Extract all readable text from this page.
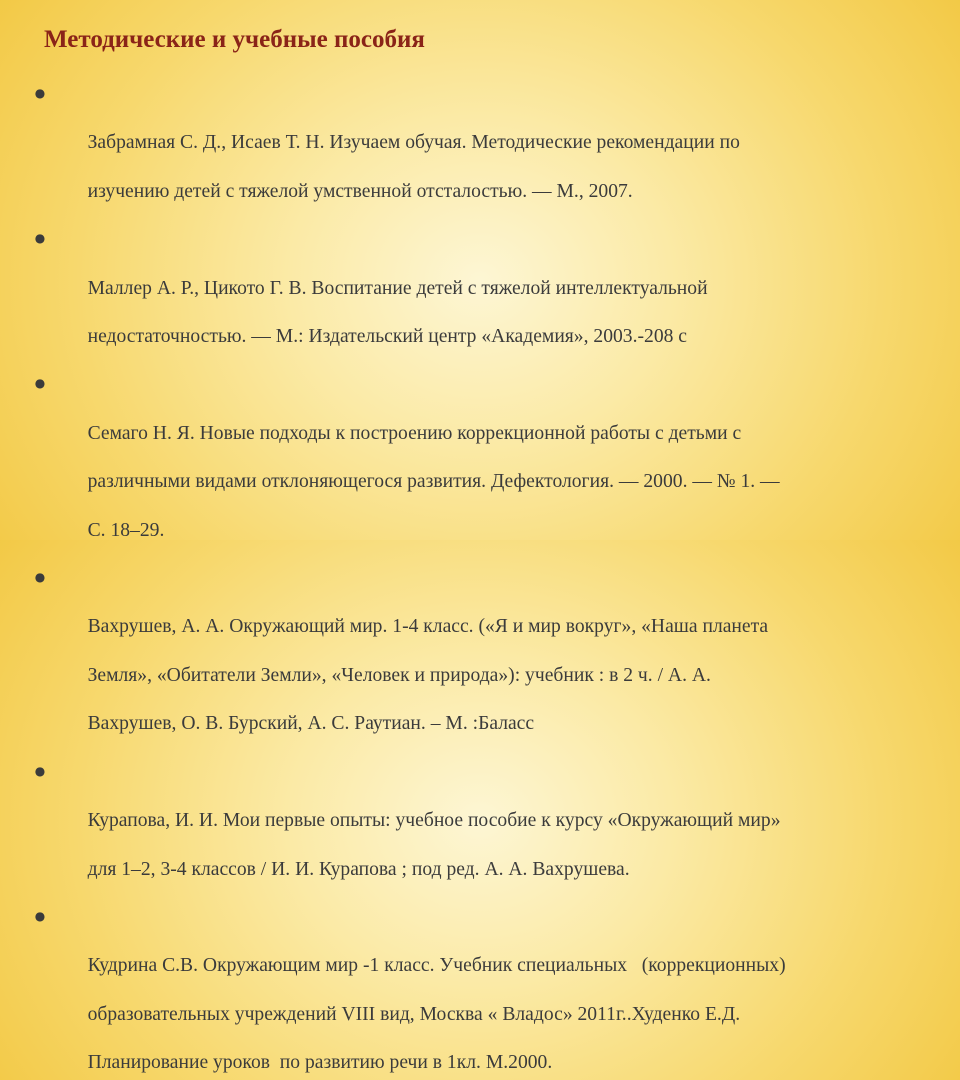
Методические и учебные пособия

●

Забрамная С. Д., Исаев Т. Н. Изучаем обучая. Методические рекомендации по

изучению детей с тяжелой умственной отсталостью. — М., 2007.

●

Маллер А. Р., Цикото Г. В. Воспитание детей с тяжелой интеллектуальной

недостаточностью. — М.: Издательский центр «Академия», 2003.-208 с

●

Семаго Н. Я. Новые подходы к построению коррекционной работы с детьми с

различными видами отклоняющегося развития. Дефектология. — 2000. — № 1. —

С. 18–29.

●

Вахрушев, А. А. Окружающий мир. 1-4 класс. («Я и мир вокруг», «Наша планета

Земля», «Обитатели Земли», «Человек и природа»): учебник : в 2 ч. / А. А.

Вахрушев, О. В. Бурский, А. С. Раутиан. – М. :Баласс

●

Курапова, И. И. Мои первые опыты: учебное пособие к курсу «Окружающий мир»

для 1–2, 3-4 классов / И. И. Курапова ; под ред. А. А. Вахрушева.

●

Кудрина С.В. Окружающим мир -1 класс. Учебник специальных   (коррекционных)

образовательных учреждений VIII вид, Москва « Владос» 2011г..Худенко Е.Д.

Планирование уроков  по развитию речи в 1кл. М.2000.
